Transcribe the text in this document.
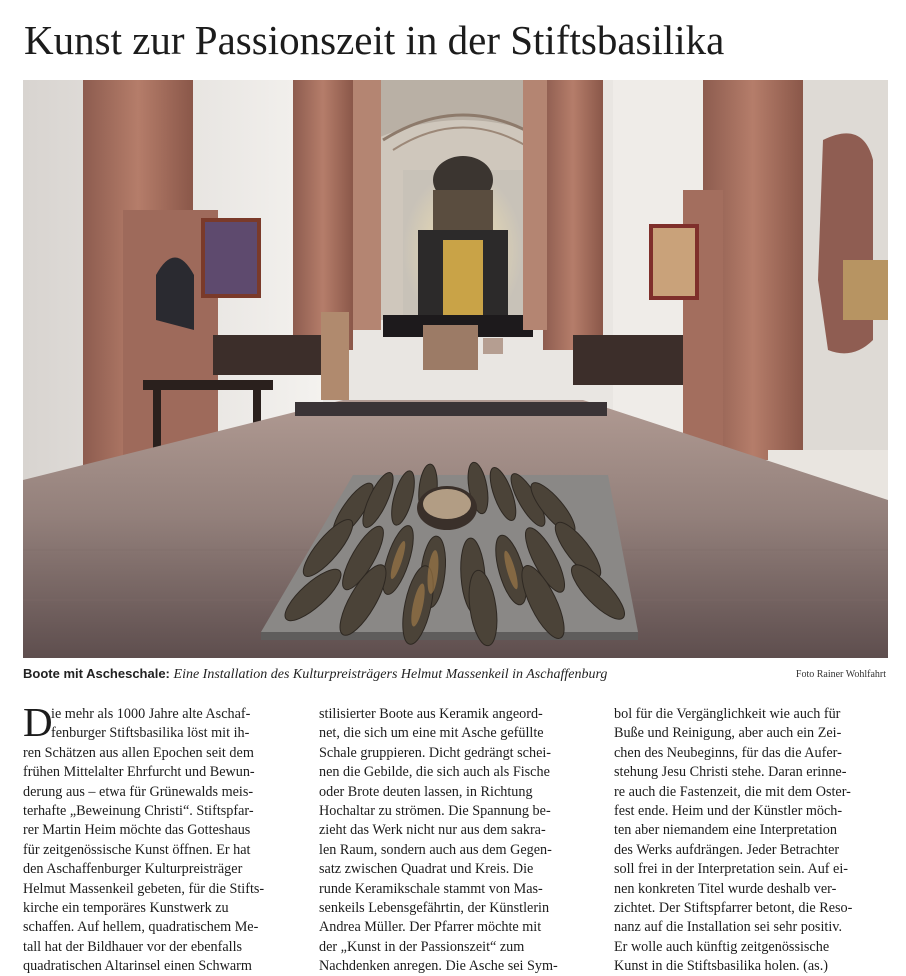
Kunst zur Passionszeit in der Stiftsbasilika
Boote mit Ascheschale: Eine Installation des Kulturpreisträgers Helmut Massenkeil in Aschaffenburg	Foto Rainer Wohlfahrt
D
ie mehr als 1000 Jahre alte Aschaf-
fenburger Stiftsbasilika löst mit ih-
ren Schätzen aus allen Epochen seit dem
frühen Mittelalter Ehrfurcht und Bewun-
derung aus – etwa für Grünewalds meis-
terhafte „Beweinung Christi“. Stiftspfar-
rer Martin Heim möchte das Gotteshaus
für zeitgenössische Kunst öffnen. Er hat
den Aschaffenburger Kulturpreisträger
Helmut Massenkeil gebeten, für die Stifts-
kirche ein temporäres Kunstwerk zu
schaffen. Auf hellem, quadratischem Me-
tall hat der Bildhauer vor der ebenfalls
quadratischen Altarinsel einen Schwarm
stilisierter Boote aus Keramik angeord-
net, die sich um eine mit Asche gefüllte
Schale gruppieren. Dicht gedrängt schei-
nen die Gebilde, die sich auch als Fische
oder Brote deuten lassen, in Richtung
Hochaltar zu strömen. Die Spannung be-
zieht das Werk nicht nur aus dem sakra-
len Raum, sondern auch aus dem Gegen-
satz zwischen Quadrat und Kreis. Die
runde Keramikschale stammt von Mas-
senkeils Lebensgefährtin, der Künstlerin
Andrea Müller. Der Pfarrer möchte mit
der „Kunst in der Passionszeit“ zum
Nachdenken anregen. Die Asche sei Sym-
bol für die Vergänglichkeit wie auch für
Buße und Reinigung, aber auch ein Zei-
chen des Neubeginns, für das die Aufer-
stehung Jesu Christi stehe. Daran erinne-
re auch die Fastenzeit, die mit dem Oster-
fest ende. Heim und der Künstler möch-
ten aber niemandem eine Interpretation
des Werks aufdrängen. Jeder Betrachter
soll frei in der Interpretation sein. Auf ei-
nen konkreten Titel wurde deshalb ver-
zichtet. Der Stiftspfarrer betont, die Reso-
nanz auf die Installation sei sehr positiv.
Er wolle auch künftig zeitgenössische
Kunst in die Stiftsbasilika holen. (as.)
